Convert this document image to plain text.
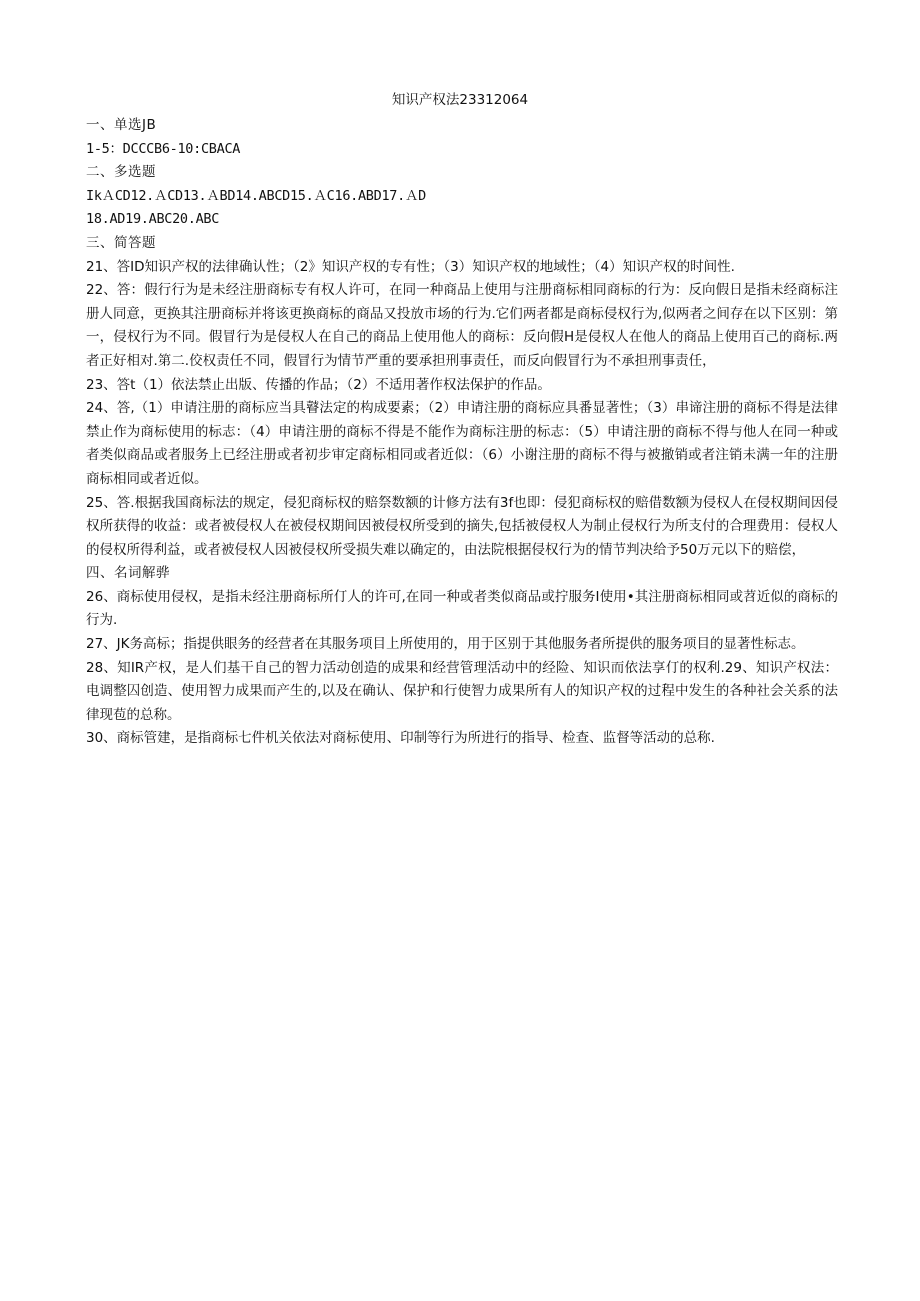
知识产权法23312064

一、单选JB

1-5：DCCCB6-10:CBACA

二、多选题

IkＡCD12.ＡCD13.ＡBD14.ABCD15.ＡC16.ABD17.ＡD

18.AD19.ABC20.ABC

三、简答题

21、答ID知识产权的法律确认性；（2》知识产权的专有性；（3）知识产权的地域性；（4）知识产权的时间性.

22、答：假行行为是未经注册商标专有权人许可，在同一种商品上使用与注册商标相同商标的行为：反向假日是指未经商标注册人同意，更换其注册商标并将该更换商标的商品又投放市场的行为.它们两者都是商标侵权行为,似两者之间存在以下区别：第一，侵权行为不同。假冒行为是侵权人在自己的商品上使用他人的商标：反向假H是侵权人在他人的商品上使用百己的商标.两者正好相对.第二.佼权责任不同，假冒行为情节严重的要承担刑事责任，而反向假冒行为不承担刑事责任，

23、答t（1）依法禁止出版、传播的作品；（2）不适用著作权法保护的作品。

24、答,（1）申请注册的商标应当具瞽法定的构成要素；（2）申请注册的商标应具番显著性；（3）串谛注册的商标不得是法律禁止作为商标使用的标志：（4）申请注册的商标不得是不能作为商标注册的标志：（5）申请注册的商标不得与他人在同一种或者类似商品或者服务上已经注册或者初步审定商标相同或者近似：（6）小谢注册的商标不得与被撤销或者注销未满一年的注册商标相同或者近似。

25、答.根据我国商标法的规定，侵犯商标权的赔祭数额的计修方法有3f也即：侵犯商标权的赔借数额为侵权人在侵权期间因侵权所获得的收益：或者被侵权人在被侵权期间因被侵权所受到的摘失,包括被侵权人为制止侵权行为所支付的合理费用：侵权人的侵权所得利益，或者被侵权人因被侵权所受损失难以确定的，由法院根据侵权行为的情节判决给予50万元以下的赔偿，

四、名词解骅

26、商标使用侵权，是指未经注册商标所仃人的许可,在同一种或者类似商品或拧服务I使用•其注册商标相同或苕近似的商标的行为.

27、JK务高标；指提供眼务的经营者在其服务项目上所使用的，用于区别于其他服务者所提供的服务项目的显著性标志。

28、知IR产权，是人们基干自己的智力活动创造的成果和经营管理活动中的经险、知识而依法享仃的权利.29、知识产权法：电调整囚创造、使用智力成果而产生的,以及在确认、保护和行使智力成果所有人的知识产权的过程中发生的各种社会关系的法律现苞的总称。

30、商标管建，是指商标七件机关依法对商标使用、印制等行为所进行的指导、检查、监督等活动的总称.
